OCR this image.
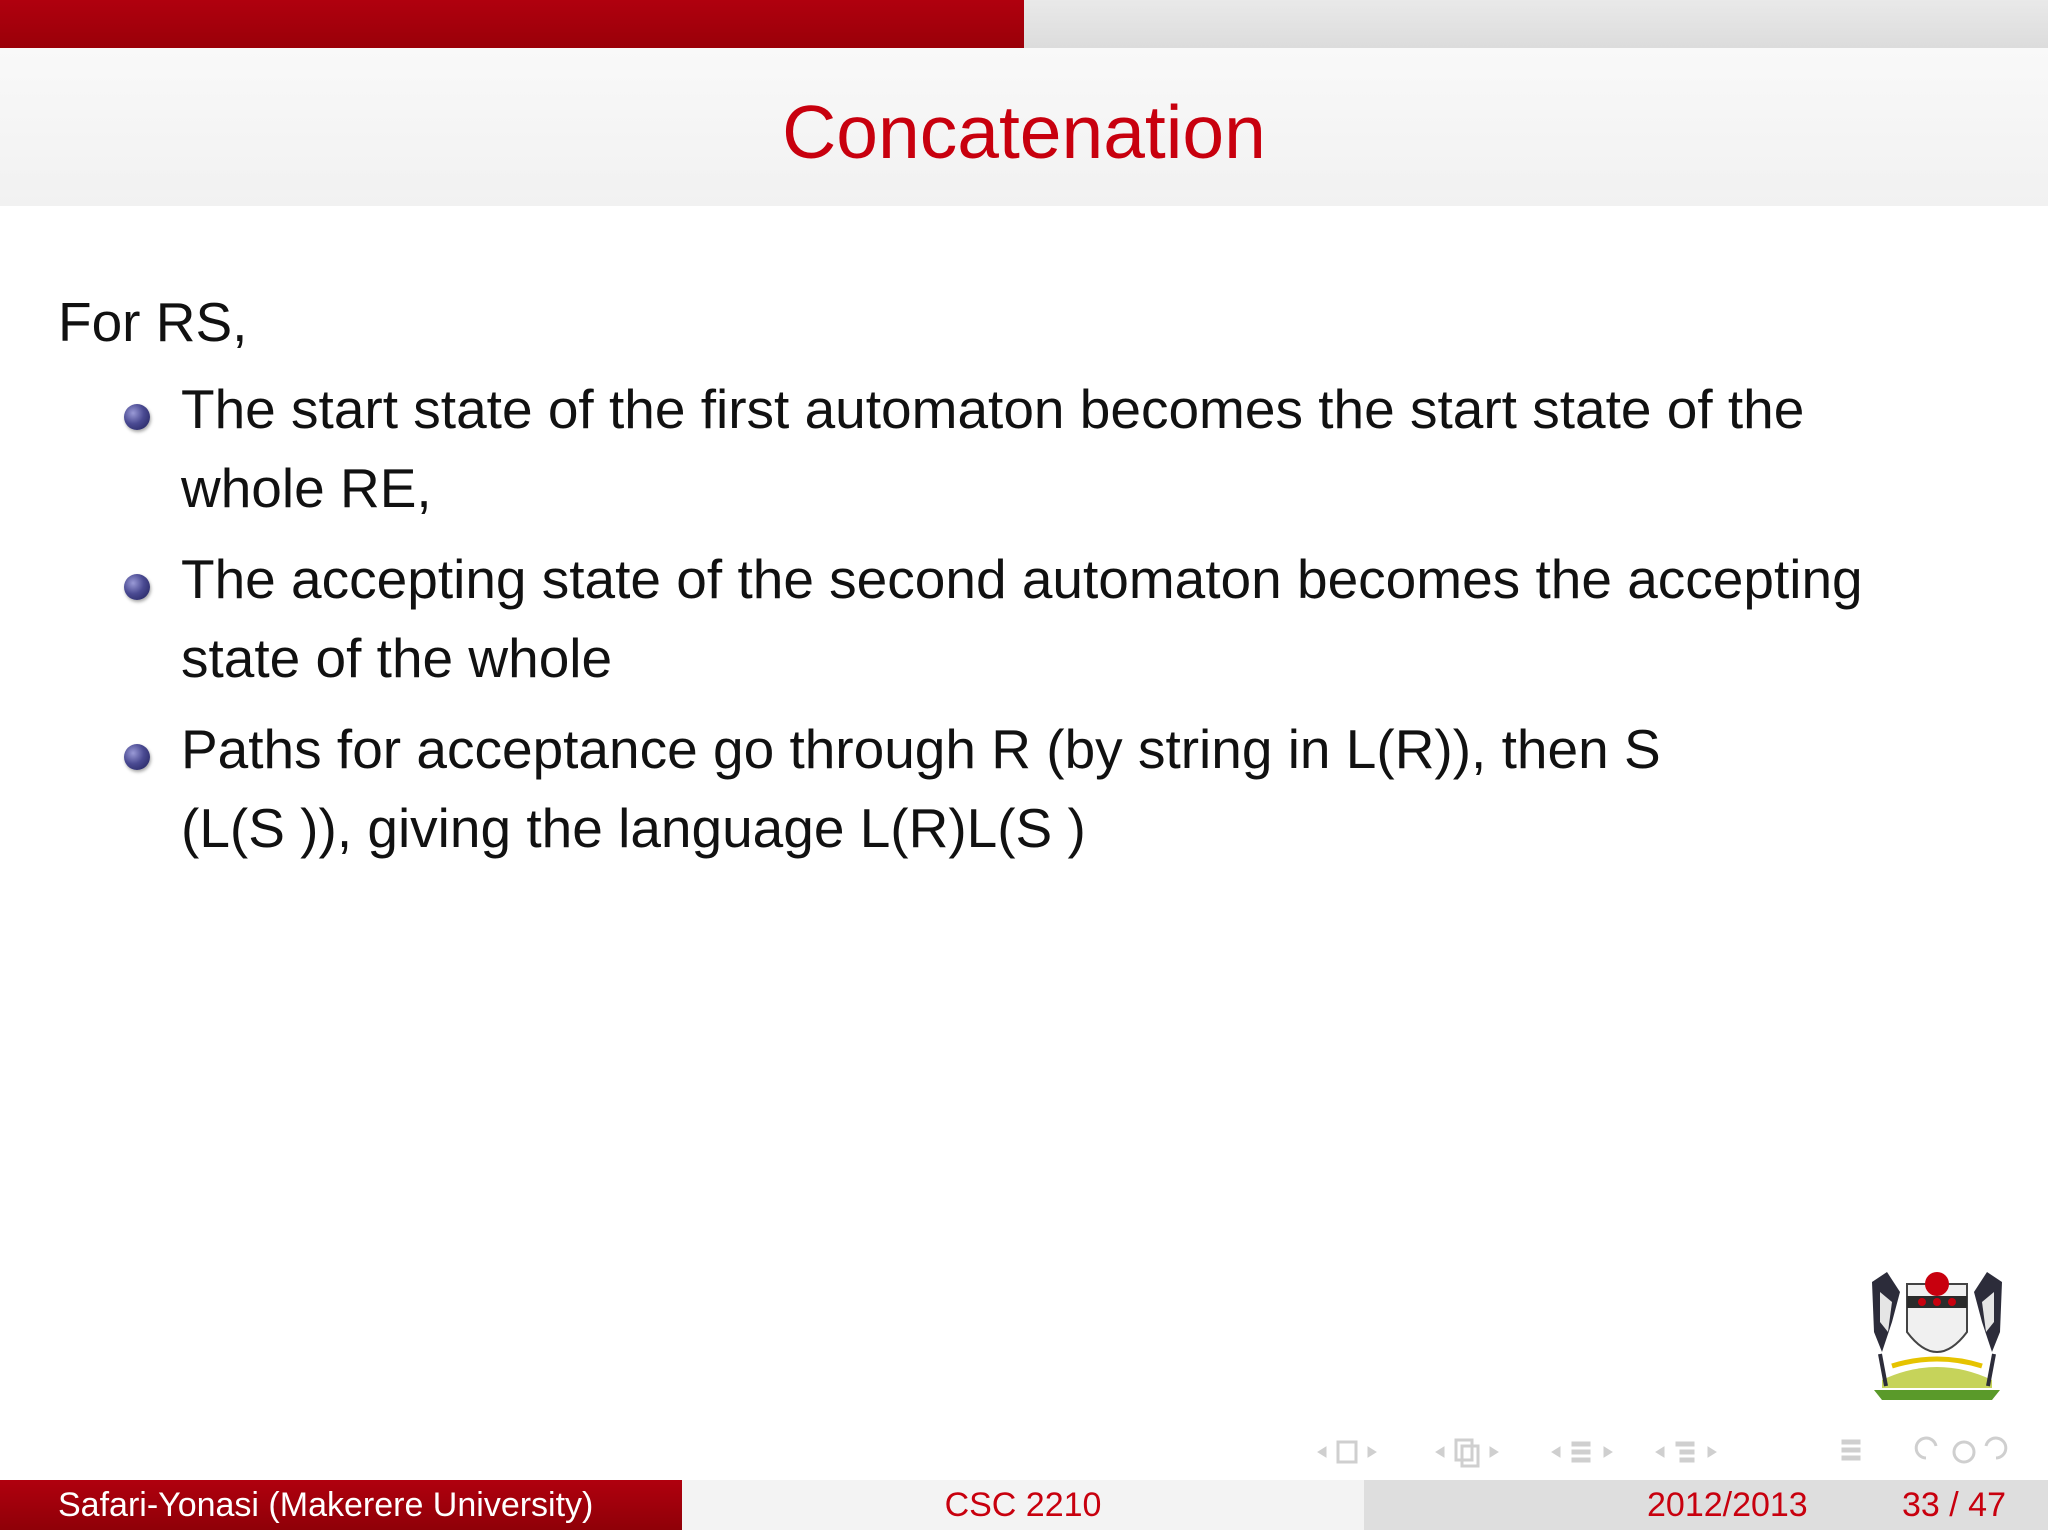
Concatenation
For RS,
The start state of the first automaton becomes the start state of the
whole RE,
The accepting state of the second automaton becomes the accepting
state of the whole
Paths for acceptance go through R (by string in L(R)), then S
(L(S )), giving the language L(R)L(S )
Safari-Yonasi (Makerere University)	CSC 2210	2012/2013	33 / 47
